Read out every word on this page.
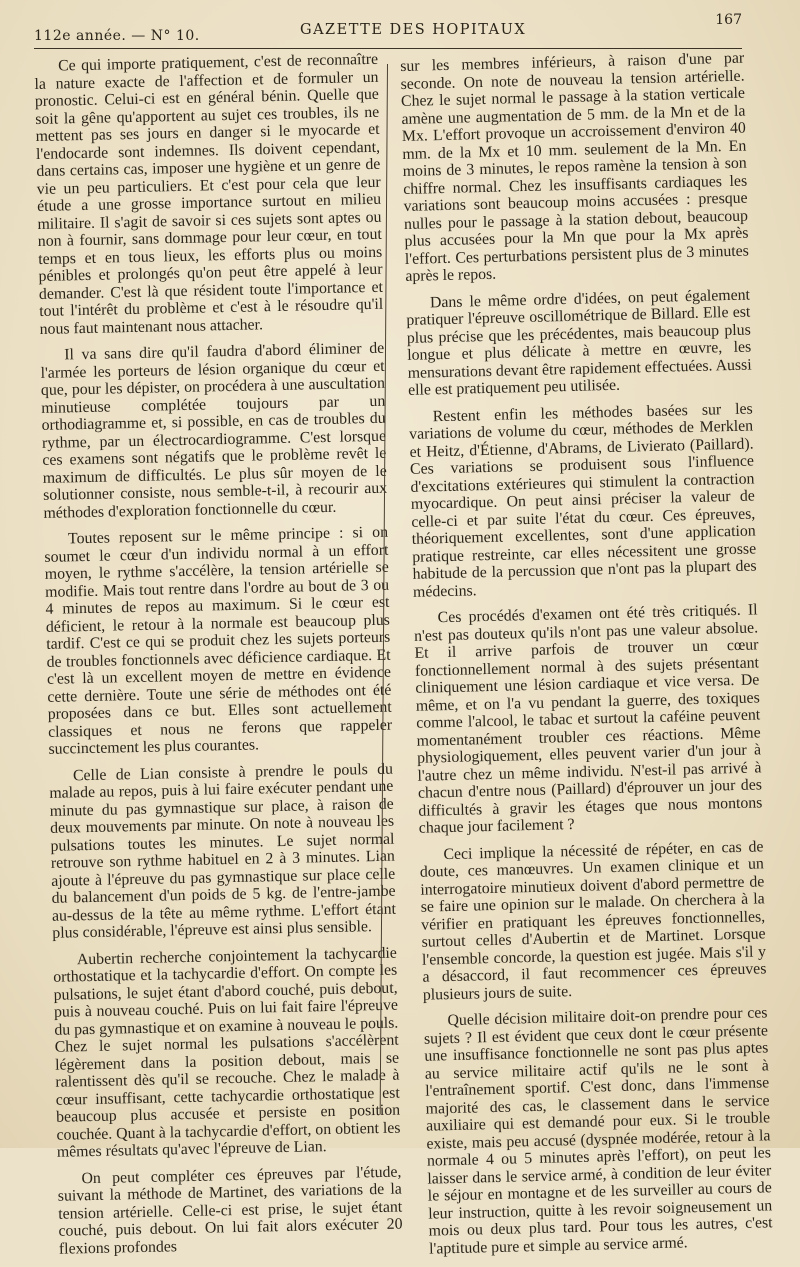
112e année. — N° 10.	GAZETTE DES HOPITAUX
167

Ce qui importe pratiquement, c'est de reconnaître la nature exacte de l'affection et de formuler un pronostic. Celui-ci est en général bénin. Quelle que soit la gêne qu'apportent au sujet ces troubles, ils ne mettent pas ses jours en danger si le myocarde et l'endocarde sont indemnes. Ils doivent cependant, dans certains cas, imposer une hygiène et un genre de vie un peu particuliers. Et c'est pour cela que leur étude a une grosse importance surtout en milieu militaire. Il s'agit de savoir si ces sujets sont aptes ou non à fournir, sans dommage pour leur cœur, en tout temps et en tous lieux, les efforts plus ou moins pénibles et prolongés qu'on peut être appelé à leur demander. C'est là que résident toute l'importance et tout l'intérêt du problème et c'est à le résoudre qu'il nous faut maintenant nous attacher.

Il va sans dire qu'il faudra d'abord éliminer de l'armée les porteurs de lésion organique du cœur et que, pour les dépister, on procédera à une auscultation minutieuse complétée toujours par un orthodiagramme et, si possible, en cas de troubles du rythme, par un électrocardiogramme. C'est lorsque ces examens sont négatifs que le problème revêt le maximum de difficultés. Le plus sûr moyen de le solutionner consiste, nous semble-t-il, à recourir aux méthodes d'exploration fonctionnelle du cœur.

Toutes reposent sur le même principe : si on soumet le cœur d'un individu normal à un effort moyen, le rythme s'accélère, la tension artérielle se modifie. Mais tout rentre dans l'ordre au bout de 3 ou 4 minutes de repos au maximum. Si le cœur est déficient, le retour à la normale est beaucoup plus tardif. C'est ce qui se produit chez les sujets porteurs de troubles fonctionnels avec déficience cardiaque. Et c'est là un excellent moyen de mettre en évidence cette dernière. Toute une série de méthodes ont été proposées dans ce but. Elles sont actuellement classiques et nous ne ferons que rappeler succinctement les plus courantes.

Celle de Lian consiste à prendre le pouls du malade au repos, puis à lui faire exécuter pendant une minute du pas gymnastique sur place, à raison de deux mouvements par minute. On note à nouveau les pulsations toutes les minutes. Le sujet normal retrouve son rythme habituel en 2 à 3 minutes. Lian ajoute à l'épreuve du pas gymnastique sur place celle du balancement d'un poids de 5 kg. de l'entre-jambe au-dessus de la tête au même rythme. L'effort étant plus considérable, l'épreuve est ainsi plus sensible.

Aubertin recherche conjointement la tachycardie orthostatique et la tachycardie d'effort. On compte les pulsations, le sujet étant d'abord couché, puis debout, puis à nouveau couché. Puis on lui fait faire l'épreuve du pas gymnastique et on examine à nouveau le pouls. Chez le sujet normal les pulsations s'accélèrent légèrement dans la position debout, mais se ralentissent dès qu'il se recouche. Chez le malade à cœur insuffisant, cette tachycardie orthostatique est beaucoup plus accusée et persiste en position couchée. Quant à la tachycardie d'effort, on obtient les mêmes résultats qu'avec l'épreuve de Lian.

On peut compléter ces épreuves par l'étude, suivant la méthode de Martinet, des variations de la tension artérielle. Celle-ci est prise, le sujet étant couché, puis debout. On lui fait alors exécuter 20 flexions profondes

sur les membres inférieurs, à raison d'une par seconde. On note de nouveau la tension artérielle. Chez le sujet normal le passage à la station verticale amène une augmentation de 5 mm. de la Mn et de la Mx. L'effort provoque un accroissement d'environ 40 mm. de la Mx et 10 mm. seulement de la Mn. En moins de 3 minutes, le repos ramène la tension à son chiffre normal. Chez les insuffisants cardiaques les variations sont beaucoup moins accusées : presque nulles pour le passage à la station debout, beaucoup plus accusées pour la Mn que pour la Mx après l'effort. Ces perturbations persistent plus de 3 minutes après le repos.

Dans le même ordre d'idées, on peut également pratiquer l'épreuve oscillométrique de Billard. Elle est plus précise que les précédentes, mais beaucoup plus longue et plus délicate à mettre en œuvre, les mensurations devant être rapidement effectuées. Aussi elle est pratiquement peu utilisée.

Restent enfin les méthodes basées sur les variations de volume du cœur, méthodes de Merklen et Heitz, d'Étienne, d'Abrams, de Livierato (Paillard). Ces variations se produisent sous l'influence d'excitations extérieures qui stimulent la contraction myocardique. On peut ainsi préciser la valeur de celle-ci et par suite l'état du cœur. Ces épreuves, théoriquement excellentes, sont d'une application pratique restreinte, car elles nécessitent une grosse habitude de la percussion que n'ont pas la plupart des médecins.

Ces procédés d'examen ont été très critiqués. Il n'est pas douteux qu'ils n'ont pas une valeur absolue. Et il arrive parfois de trouver un cœur fonctionnellement normal à des sujets présentant cliniquement une lésion cardiaque et vice versa. De même, et on l'a vu pendant la guerre, des toxiques comme l'alcool, le tabac et surtout la caféine peuvent momentanément troubler ces réactions. Même physiologiquement, elles peuvent varier d'un jour à l'autre chez un même individu. N'est-il pas arrivé à chacun d'entre nous (Paillard) d'éprouver un jour des difficultés à gravir les étages que nous montons chaque jour facilement ?

Ceci implique la nécessité de répéter, en cas de doute, ces manœuvres. Un examen clinique et un interrogatoire minutieux doivent d'abord permettre de se faire une opinion sur le malade. On cherchera à la vérifier en pratiquant les épreuves fonctionnelles, surtout celles d'Aubertin et de Martinet. Lorsque l'ensemble concorde, la question est jugée. Mais s'il y a désaccord, il faut recommencer ces épreuves plusieurs jours de suite.

Quelle décision militaire doit-on prendre pour ces sujets ? Il est évident que ceux dont le cœur présente une insuffisance fonctionnelle ne sont pas plus aptes au service militaire actif qu'ils ne le sont à l'entraînement sportif. C'est donc, dans l'immense majorité des cas, le classement dans le service auxiliaire qui est demandé pour eux. Si le trouble existe, mais peu accusé (dyspnée modérée, retour à la normale 4 ou 5 minutes après l'effort), on peut les laisser dans le service armé, à condition de leur éviter le séjour en montagne et de les surveiller au cours de leur instruction, quitte à les revoir soigneusement un mois ou deux plus tard. Pour tous les autres, c'est l'aptitude pure et simple au service armé.
